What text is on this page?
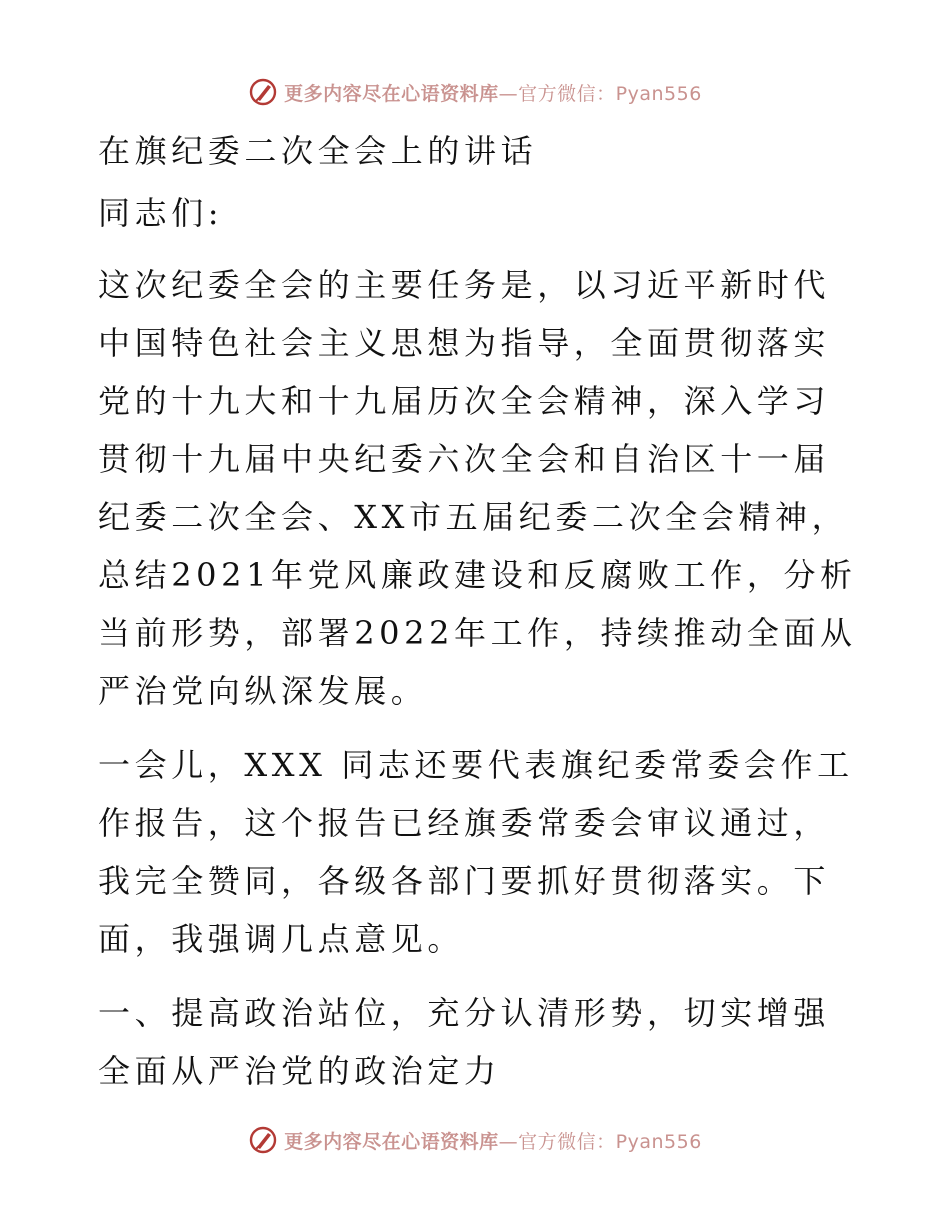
更多内容尽在心语资料库—官方微信：Pyan556

在旗纪委二次全会上的讲话

同志们:

这次纪委全会的主要任务是，以习近平新时代中国特色社会主义思想为指导，全面贯彻落实党的十九大和十九届历次全会精神，深入学习贯彻十九届中央纪委六次全会和自治区十一届纪委二次全会、XX市五届纪委二次全会精神，总结2021年党风廉政建设和反腐败工作，分析当前形势，部署2022年工作，持续推动全面从严治党向纵深发展。

一会儿，XXX 同志还要代表旗纪委常委会作工作报告，这个报告已经旗委常委会审议通过，我完全赞同，各级各部门要抓好贯彻落实。下面，我强调几点意见。

一、提高政治站位，充分认清形势，切实增强全面从严治党的政治定力

更多内容尽在心语资料库—官方微信：Pyan556
